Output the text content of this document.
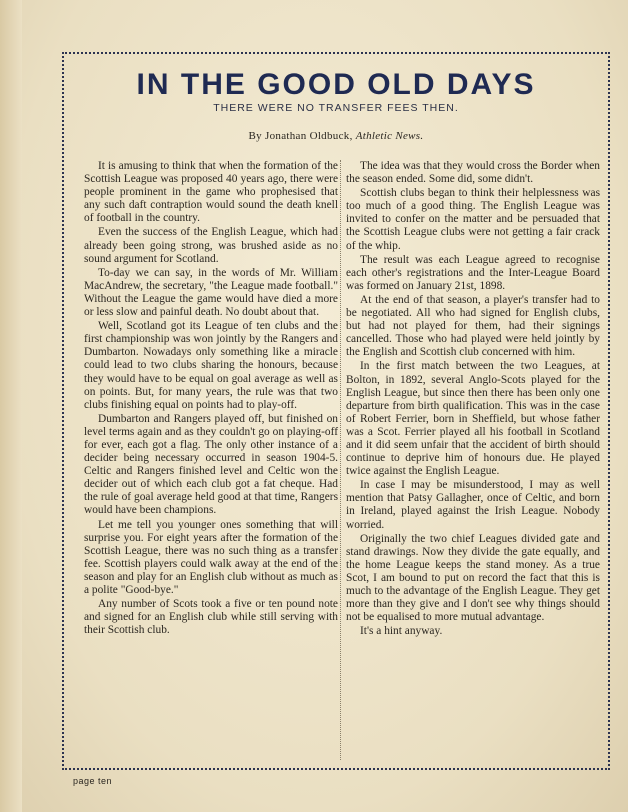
IN THE GOOD OLD DAYS
THERE WERE NO TRANSFER FEES THEN.
By Jonathan Oldbuck, Athletic News.

It is amusing to think that when the formation of the Scottish League was proposed 40 years ago, there were people prominent in the game who prophesised that any such daft contraption would sound the death knell of football in the country.

Even the success of the English League, which had already been going strong, was brushed aside as no sound argument for Scotland.

To-day we can say, in the words of Mr. William MacAndrew, the secretary, "the League made football." Without the League the game would have died a more or less slow and painful death. No doubt about that.

Well, Scotland got its League of ten clubs and the first championship was won jointly by the Rangers and Dumbarton. Nowadays only something like a miracle could lead to two clubs sharing the honours, because they would have to be equal on goal average as well as on points. But, for many years, the rule was that two clubs finishing equal on points had to play-off.

Dumbarton and Rangers played off, but finished on level terms again and as they couldn't go on playing-off for ever, each got a flag. The only other instance of a decider being necessary occurred in season 1904-5. Celtic and Rangers finished level and Celtic won the decider out of which each club got a fat cheque. Had the rule of goal average held good at that time, Rangers would have been champions.

Let me tell you younger ones something that will surprise you. For eight years after the formation of the Scottish League, there was no such thing as a transfer fee. Scottish players could walk away at the end of the season and play for an English club without as much as a polite "Good-bye."

Any number of Scots took a five or ten pound note and signed for an English club while still serving with their Scottish club.

The idea was that they would cross the Border when the season ended. Some did, some didn't.

Scottish clubs began to think their helplessness was too much of a good thing. The English League was invited to confer on the matter and be persuaded that the Scottish League clubs were not getting a fair crack of the whip.

The result was each League agreed to recognise each other's registrations and the Inter-League Board was formed on January 21st, 1898.

At the end of that season, a player's transfer had to be negotiated. All who had signed for English clubs, but had not played for them, had their signings cancelled. Those who had played were held jointly by the English and Scottish club concerned with him.

In the first match between the two Leagues, at Bolton, in 1892, several Anglo-Scots played for the English League, but since then there has been only one departure from birth qualification. This was in the case of Robert Ferrier, born in Sheffield, but whose father was a Scot. Ferrier played all his football in Scotland and it did seem unfair that the accident of birth should continue to deprive him of honours due. He played twice against the English League.

In case I may be misunderstood, I may as well mention that Patsy Gallagher, once of Celtic, and born in Ireland, played against the Irish League. Nobody worried.

Originally the two chief Leagues divided gate and stand drawings. Now they divide the gate equally, and the home League keeps the stand money. As a true Scot, I am bound to put on record the fact that this is much to the advantage of the English League. They get more than they give and I don't see why things should not be equalised to more mutual advantage.

It's a hint anyway.

page ten
